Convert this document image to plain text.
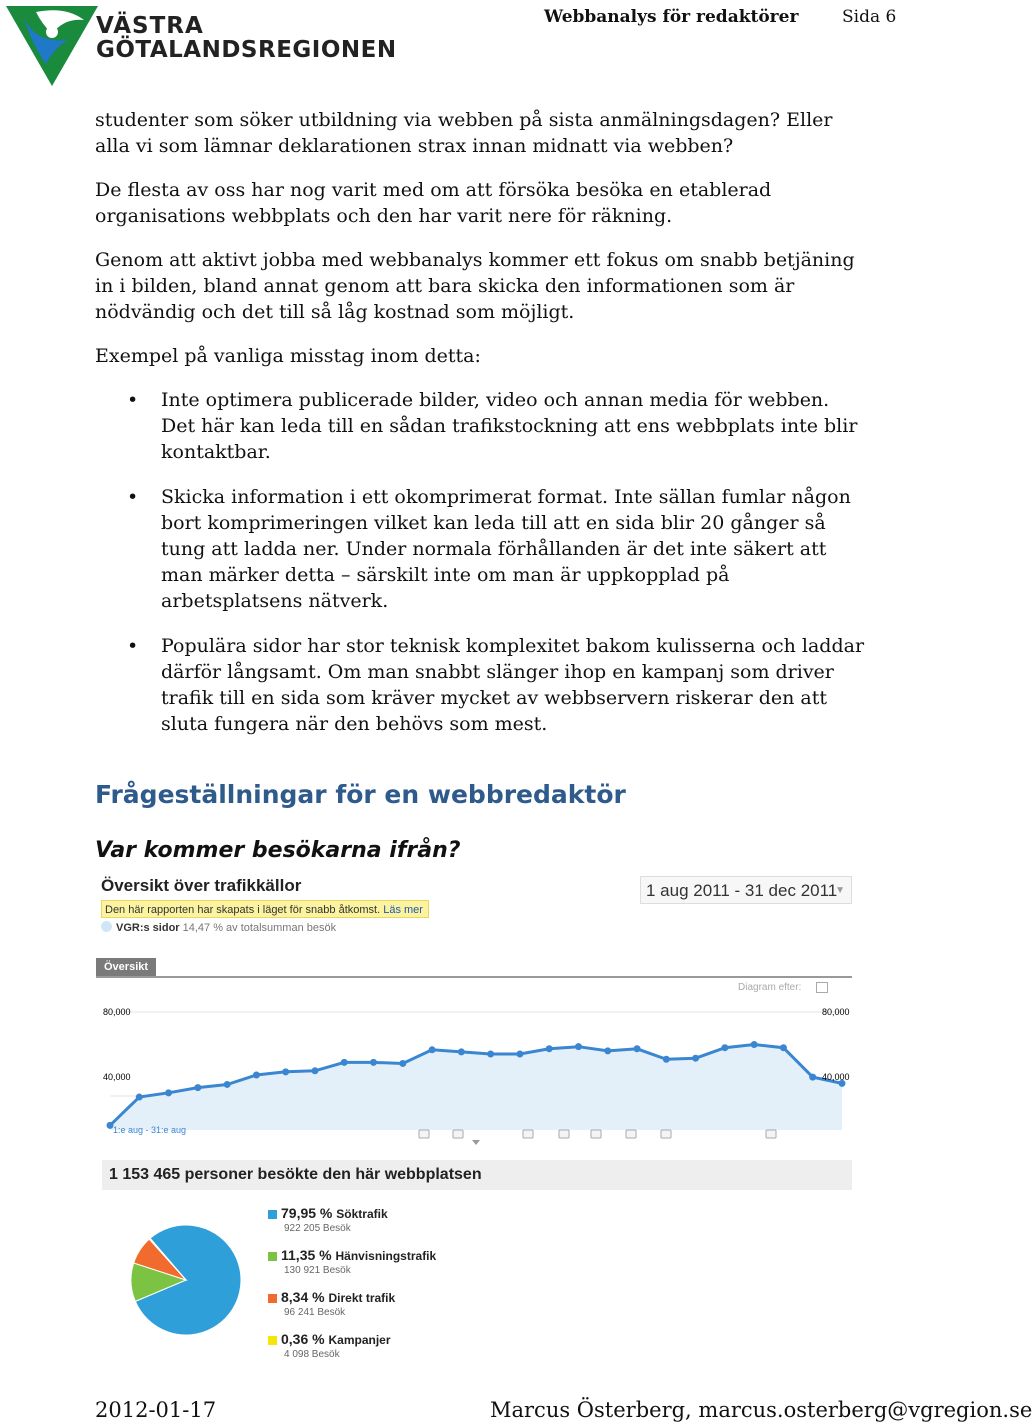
VÄSTRA
GÖTALANDSREGIONEN
Webbanalys för redaktörer	Sida 6

studenter som söker utbildning via webben på sista anmälningsdagen? Eller alla vi som lämnar deklarationen strax innan midnatt via webben?

De flesta av oss har nog varit med om att försöka besöka en etablerad organisations webbplats och den har varit nere för räkning.

Genom att aktivt jobba med webbanalys kommer ett fokus om snabb betjäning in i bilden, bland annat genom att bara skicka den informationen som är nödvändig och det till så låg kostnad som möjligt.

Exempel på vanliga misstag inom detta:

• Inte optimera publicerade bilder, video och annan media för webben. Det här kan leda till en sådan trafikstockning att ens webbplats inte blir kontaktbar.
• Skicka information i ett okomprimerat format. Inte sällan fumlar någon bort komprimeringen vilket kan leda till att en sida blir 20 gånger så tung att ladda ner. Under normala förhållanden är det inte säkert att man märker detta – särskilt inte om man är uppkopplad på arbetsplatsens nätverk.
• Populära sidor har stor teknisk komplexitet bakom kulisserna och laddar därför långsamt. Om man snabbt slänger ihop en kampanj som driver trafik till en sida som kräver mycket av webbservern riskerar den att sluta fungera när den behövs som mest.
Frågeställningar för en webbredaktör
Var kommer besökarna ifrån?
Översikt över trafikkällor
Den här rapporten har skapats i läget för snabb åtkomst. Läs mer
VGR:s sidor 14,47 % av totalsumman besök
1 aug 2011 - 31 dec 2011
▼
Översikt
Diagram efter:
80,000
40,000
80,000
40,000
1:e aug - 31:e aug
1 153 465 personer besökte den här webbplatsen
79,95 % Söktrafik
922 205 Besök
11,35 % Hänvisningstrafik
130 921 Besök
8,34 % Direkt trafik
96 241 Besök
0,36 % Kampanjer
4 098 Besök
2012-01-17	Marcus Österberg, marcus.osterberg@vgregion.se
